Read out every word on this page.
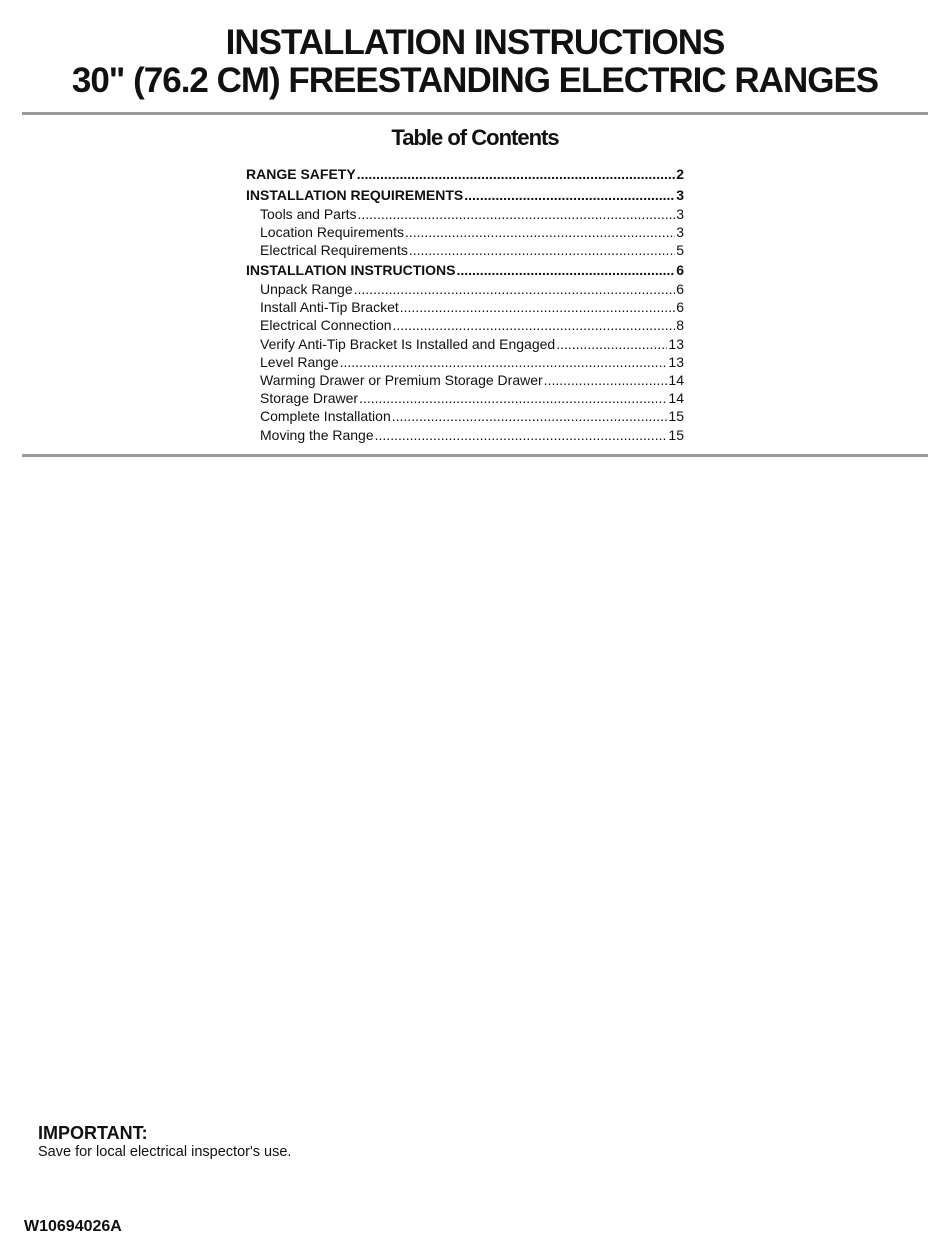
INSTALLATION INSTRUCTIONS
30" (76.2 CM) FREESTANDING ELECTRIC RANGES
Table of Contents
RANGE SAFETY .....	2
INSTALLATION REQUIREMENTS .....	3
Tools and Parts .....	3
Location Requirements .....	3
Electrical Requirements .....	5
INSTALLATION INSTRUCTIONS .....	6
Unpack Range .....	6
Install Anti-Tip Bracket .....	6
Electrical Connection .....	8
Verify Anti-Tip Bracket Is Installed and Engaged .....	13
Level Range .....	13
Warming Drawer or Premium Storage Drawer .....	14
Storage Drawer .....	14
Complete Installation .....	15
Moving the Range .....	15
IMPORTANT:
Save for local electrical inspector's use.
W10694026A
